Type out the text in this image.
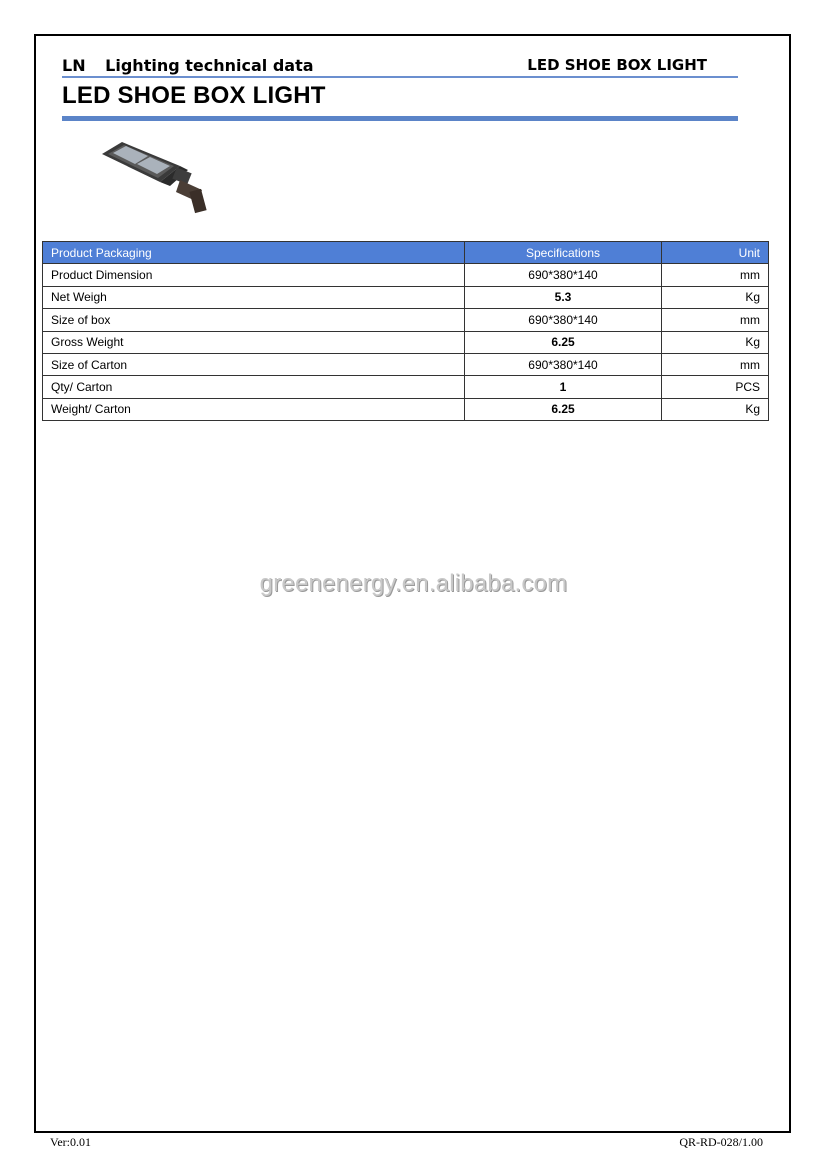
LN Lighting technical data	LED SHOE BOX LIGHT
LED SHOE BOX LIGHT
Product Packaging	Specifications	Unit
Product Dimension	690*380*140	mm
Net Weigh	5.3	Kg
Size of box	690*380*140	mm
Gross Weight	6.25	Kg
Size of Carton	690*380*140	mm
Qty/ Carton	1	PCS
Weight/ Carton	6.25	Kg
greenenergy.en.alibaba.com
Ver:0.01	QR-RD-028/1.00
